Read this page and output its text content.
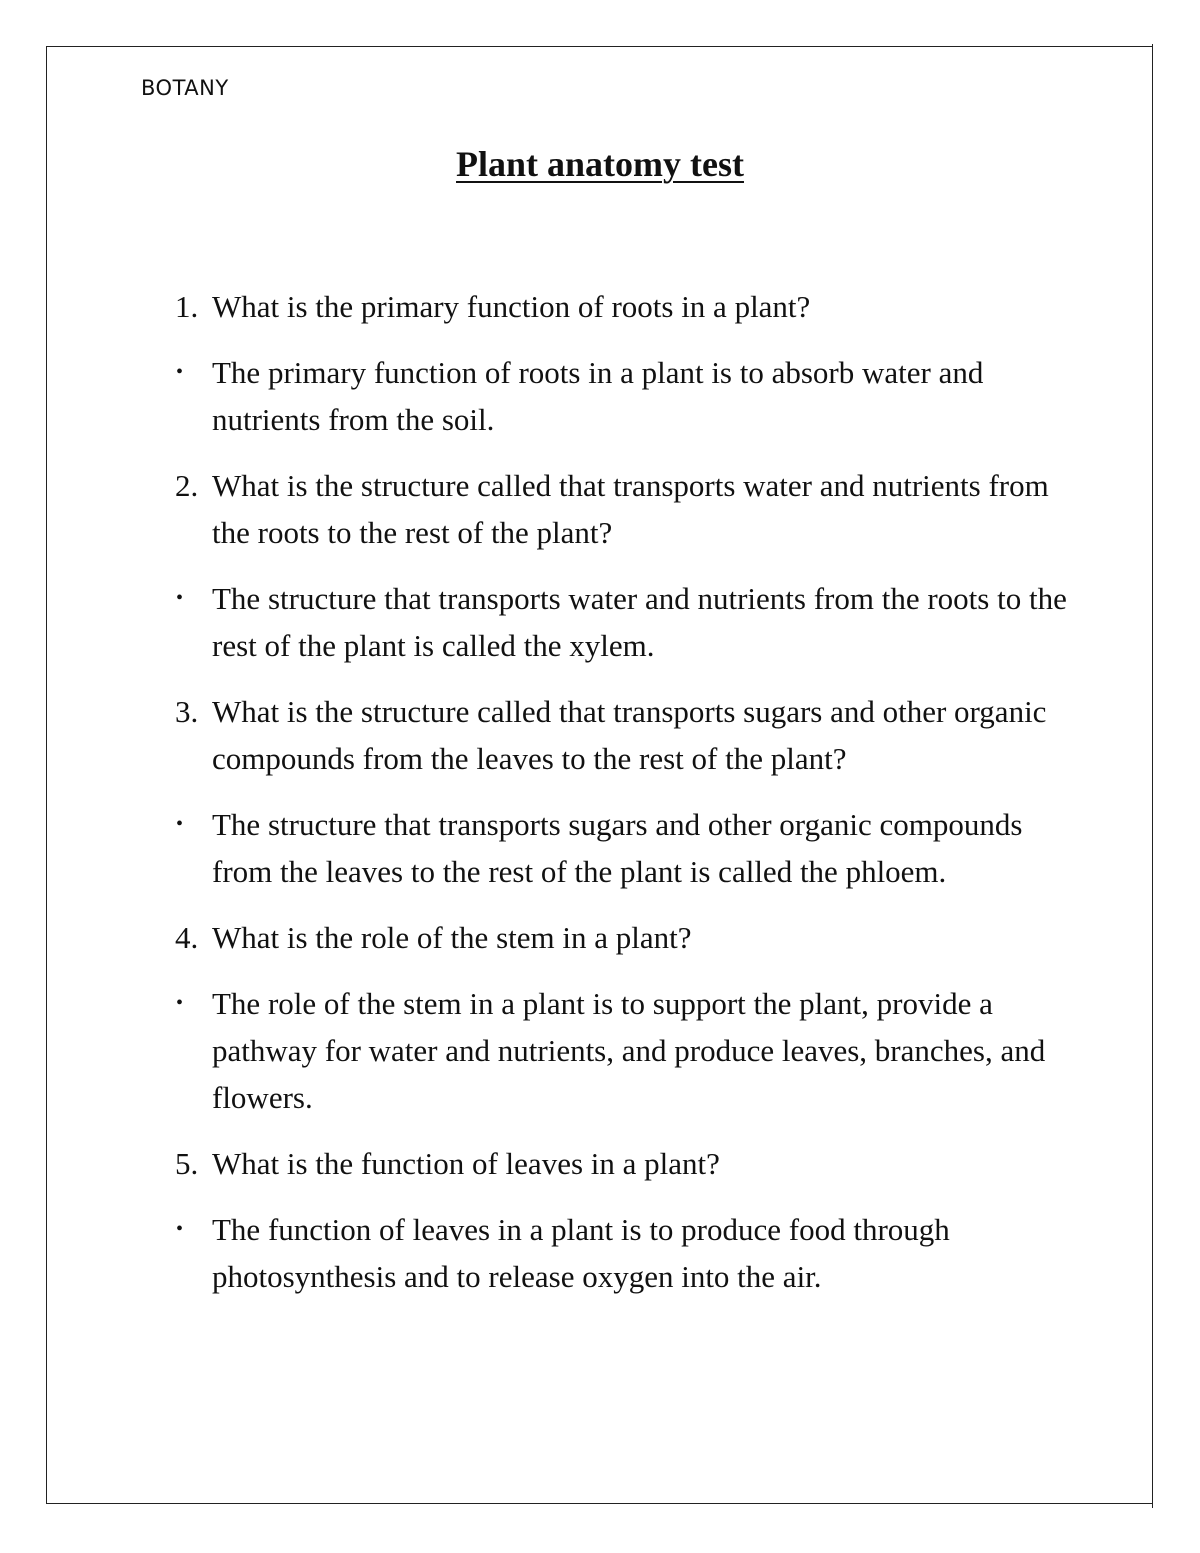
BOTANY
Plant anatomy test
1. What is the primary function of roots in a plant?
• The primary function of roots in a plant is to absorb water and nutrients from the soil.
2. What is the structure called that transports water and nutrients from the roots to the rest of the plant?
• The structure that transports water and nutrients from the roots to the rest of the plant is called the xylem.
3. What is the structure called that transports sugars and other organic compounds from the leaves to the rest of the plant?
• The structure that transports sugars and other organic compounds from the leaves to the rest of the plant is called the phloem.
4. What is the role of the stem in a plant?
• The role of the stem in a plant is to support the plant, provide a pathway for water and nutrients, and produce leaves, branches, and flowers.
5. What is the function of leaves in a plant?
• The function of leaves in a plant is to produce food through photosynthesis and to release oxygen into the air.
